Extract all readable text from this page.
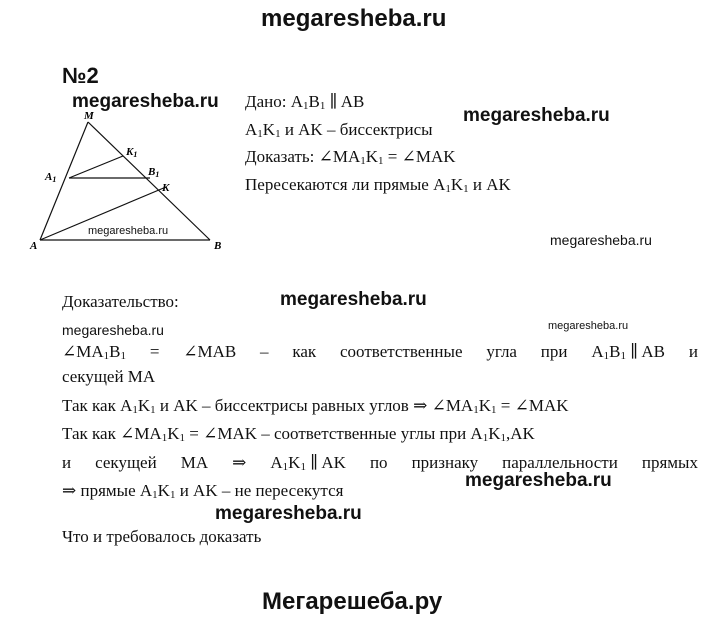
megaresheba.ru
№2
M
K1
A1
B1
K
A	B
megaresheba.ru
megaresheba.ru
megaresheba.ru
megaresheba.ru
Дано: $A_1B_1$ ∥ AB
$A_1K_1$ и AK – биссектрисы
Доказать: $\angle MA_1K_1$ = ∠MAK
Пересекаются ли прямые $A_1K_1$ и AK
Доказательство:	megaresheba.ru
megaresheba.ru	megaresheba.ru
$\angle MA_1B_1$ = ∠MAB – как соответственные угла при $A_1B_1$ ∥ AB и
секущей MA
Так как $A_1K_1$ и AK – биссектрисы равных углов ⇒ $\angle MA_1K_1$ = ∠MAK
Так как $\angle MA_1K_1$ = ∠MAK – соответственные углы при $A_1K_1,AK$
и секущей MA ⇒ $A_1K_1$ ∥ AK по признаку параллельности прямых
⇒ прямые $A_1K_1$ и AK – не пересекутся	megaresheba.ru
megaresheba.ru
Что и требовалось доказать
Мегарешеба.ру
